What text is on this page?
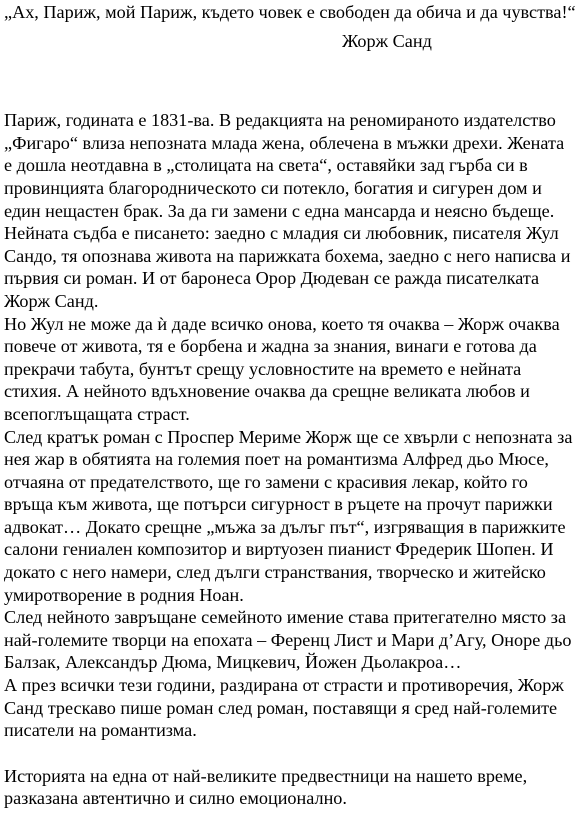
„Ах, Париж, мой Париж, където човек е свободен да обича и да чувства!“

Жорж Санд

Париж, годината е 1831-ва. В редакцията на реномираното издателство „Фигаро“ влиза непозната млада жена, облечена в мъжки дрехи. Жената е дошла неотдавна в „столицата на света“, оставяйки зад гърба си в провинцията благородническото си потекло, богатия и сигурен дом и един нещастен брак. За да ги замени с една мансарда и неясно бъдеще. Нейната съдба е писането: заедно с младия си любовник, писателя Жул Сандо, тя опознава живота на парижката бохема, заедно с него написва и първия си роман. И от баронеса Орор Дюдеван се ражда писателката Жорж Санд.

Но Жул не може да ѝ даде всичко онова, което тя очаква – Жорж очаква повече от живота, тя е борбена и жадна за знания, винаги е готова да прекрачи табута, бунтът срещу условностите на времето е нейната стихия. А нейното вдъхновение очаква да срещне великата любов и всепоглъщащата страст.

След кратък роман с Проспер Мериме Жорж ще се хвърли с непозната за нея жар в обятията на големия поет на романтизма Алфред дьо Мюсе, отчаяна от предателството, ще го замени с красивия лекар, който го връща към живота, ще потърси сигурност в ръцете на прочут парижки адвокат… Докато срещне „мъжа за дълъг път“, изгряващия в парижките салони гениален композитор и виртуозен пианист Фредерик Шопен. И докато с него намери, след дълги странствания, творческо и житейско умиротворение в родния Ноан.

След нейното завръщане семейното имение става притегателно място за най-големите творци на епохата – Ференц Лист и Мари д’Агу, Оноре дьо Балзак, Александър Дюма, Мицкевич, Йожен Дьолакроа…

А през всички тези години, раздирана от страсти и противоречия, Жорж Санд трескаво пише роман след роман, поставящи я сред най-големите писатели на романтизма.

Историята на една от най-великите предвестници на нашето време, разказана автентично и силно емоционално.
